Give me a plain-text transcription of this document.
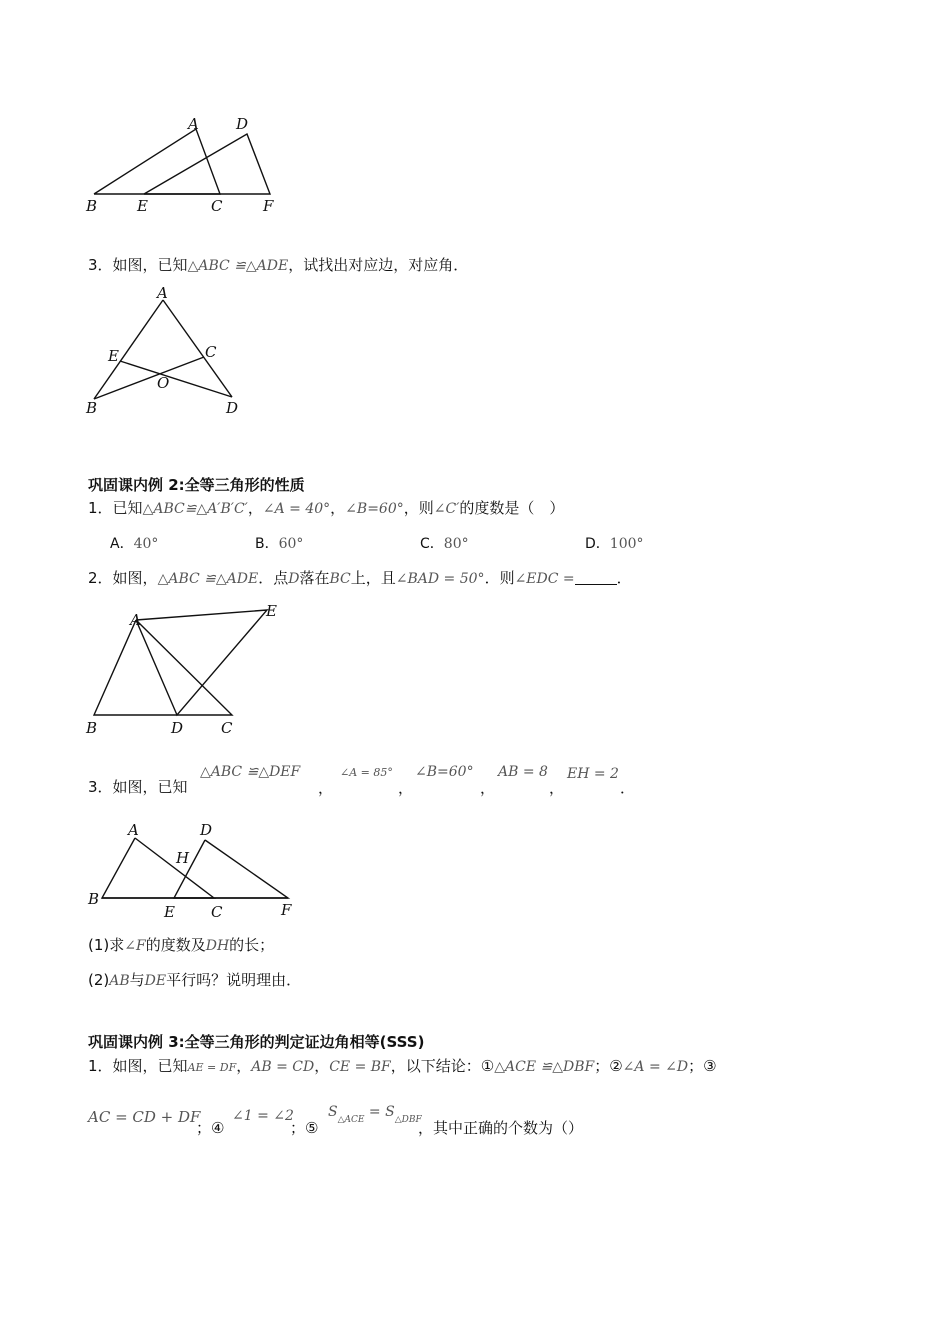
A D
B	E	C	F
3．如图，已知△ABC ≌△ADE，试找出对应边，对应角．
A
E	C
O
B	D
巩固课内例 2:全等三角形的性质
1．已知△ABC≌△A′B′C′，∠A = 40°，∠B=60°，则∠C′的度数是（　）
A．40°	B．60°	C．80°	D．100°
2．如图，△ABC ≌△ADE．点D落在BC上，且∠BAD = 50°．则∠EDC =	．
A	E
B	D	C
3．如图，已知
△ABC ≌△DEF
，
∠A = 85°
，
∠B=60°
，
AB = 8
，
EH = 2
．
A	D
H
B
E C	F
(1)求∠F的度数及DH的长；
(2)AB与DE平行吗？说明理由．
巩固课内例 3:全等三角形的判定证边角相等(SSS)
1．如图，已知AE = DF，AB = CD，CE = BF，以下结论：①△ACE ≌△DBF；②∠A = ∠D；③
AC = CD + DF
；④
∠1 = ∠2
；⑤
$S_{\triangle ACE} = S_{\triangle DBF}$
，其中正确的个数为（）
